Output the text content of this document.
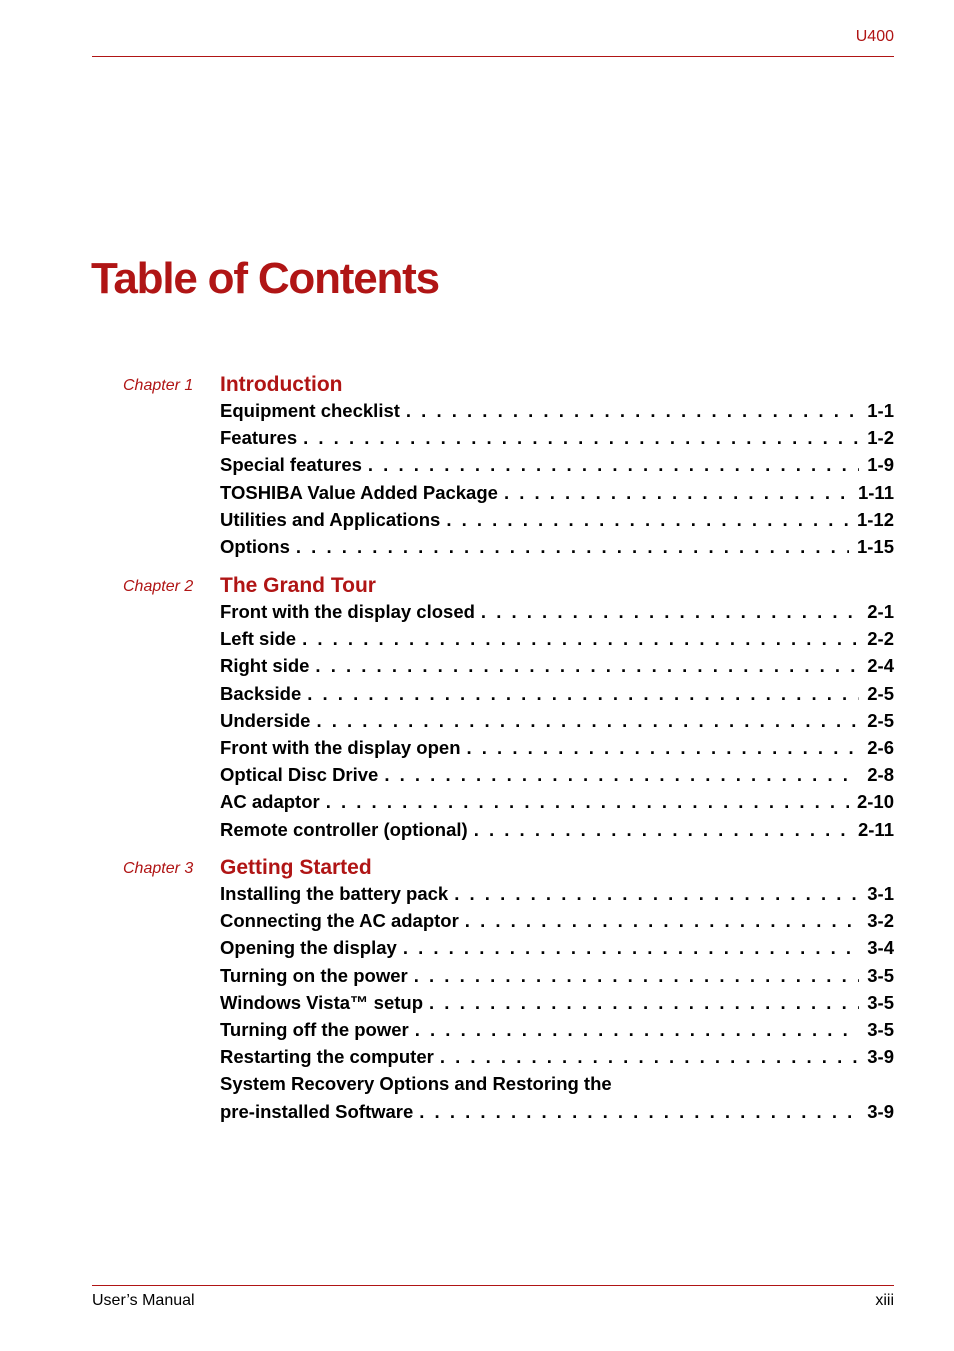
U400
Table of Contents
Chapter 1 Introduction
Equipment checklist . . .	1-1
Features . . .	1-2
Special features . . .	1-9
TOSHIBA Value Added Package . . .	1-11
Utilities and Applications . . .	1-12
Options . . .	1-15
Chapter 2 The Grand Tour
Front with the display closed . . .	2-1
Left side . . .	2-2
Right side . . .	2-4
Backside . . .	2-5
Underside . . .	2-5
Front with the display open . . .	2-6
Optical Disc Drive . . .	2-8
AC adaptor . . .	2-10
Remote controller (optional) . . .	2-11
Chapter 3 Getting Started
Installing the battery pack . . .	3-1
Connecting the AC adaptor . . .	3-2
Opening the display . . .	3-4
Turning on the power . . .	3-5
Windows Vista™ setup . . .	3-5
Turning off the power . . .	3-5
Restarting the computer . . .	3-9
System Recovery Options and Restoring the
pre-installed Software . . .	3-9
User’s Manual	xiii
